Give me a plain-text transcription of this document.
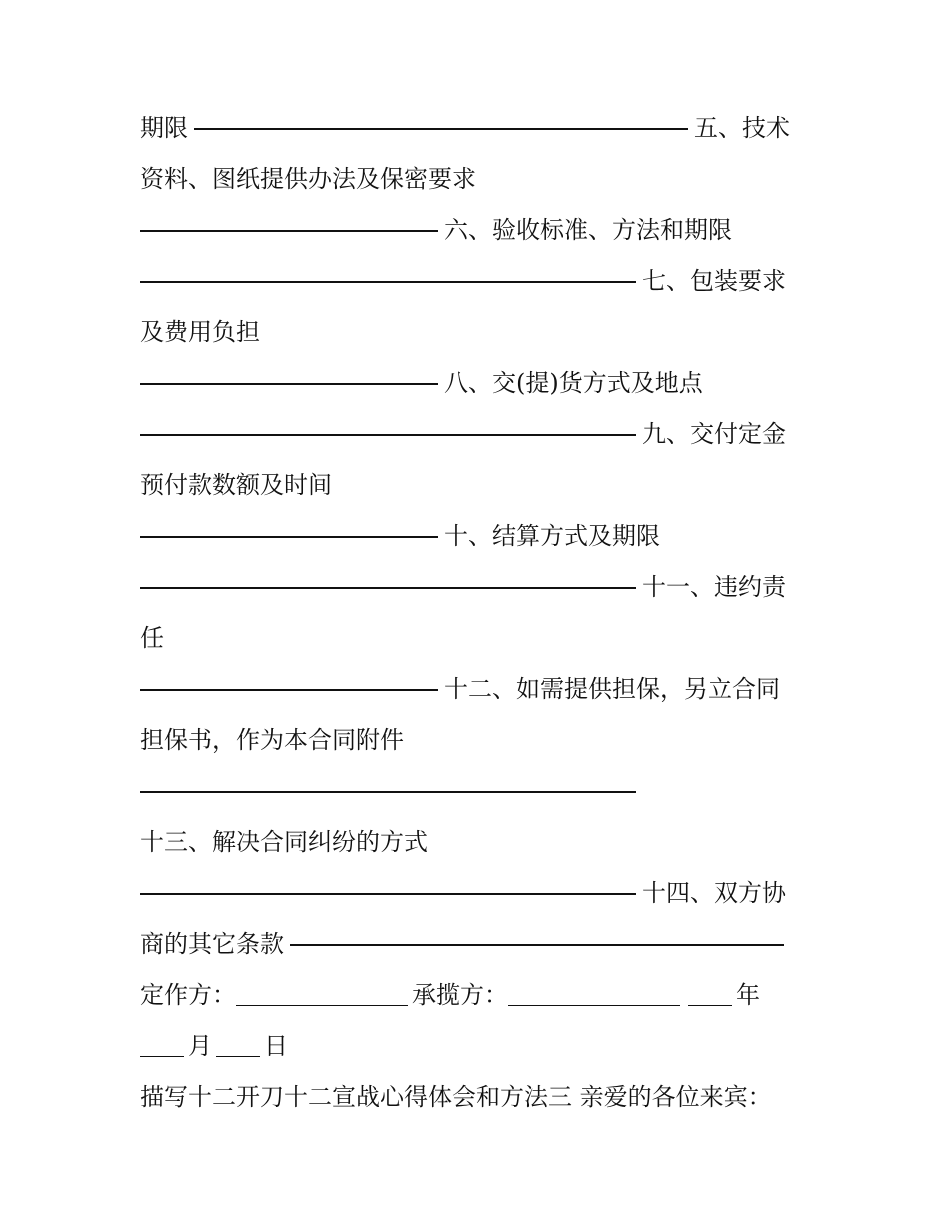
期限	五、技术
资料、图纸提供办法及保密要求
六、验收标准、方法和期限
七、包装要求
及费用负担
八、交(提)货方式及地点
九、交付定金
预付款数额及时间
十、结算方式及期限
十一、违约责
任
十二、如需提供担保，另立合同
担保书，作为本合同附件
十三、解决合同纠纷的方式
十四、双方协
商的其它条款
定作方：	承揽方：	年
月 日
描写十二开刀十二宣战心得体会和方法三 亲爱的各位来宾：
